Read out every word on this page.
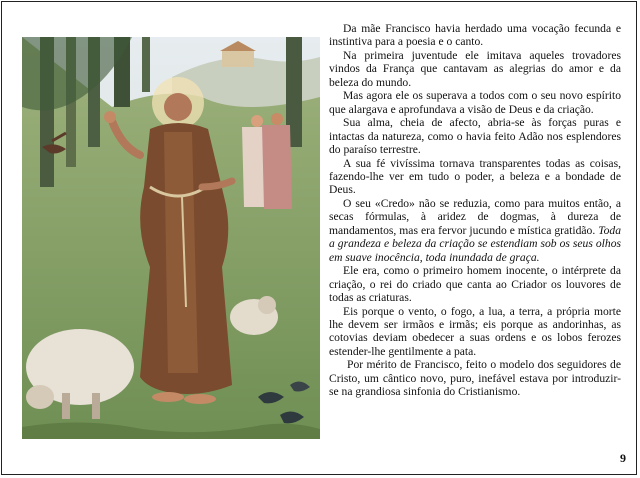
Da mãe Francisco havia herdado uma vocação fecunda e instintiva para a poesia e o canto.

Na primeira juventude ele imitava aqueles trovadores vindos da França que cantavam as alegrias do amor e da beleza do mundo.

Mas agora ele os superava a todos com o seu novo espírito que alargava e aprofundava a visão de Deus e da criação.

Sua alma, cheia de afecto, abria-se às forças puras e intactas da natureza, como o havia feito Adão nos esplendores do paraíso terrestre.

A sua fé vivíssima tornava transparentes todas as coisas, fazendo-lhe ver em tudo o poder, a beleza e a bondade de Deus.

O seu «Credo» não se reduzia, como para muitos então, a secas fórmulas, à aridez de dogmas, à dureza de mandamentos, mas era fervor jucundo e mística gratidão. Toda a grandeza e beleza da criação se estendiam sob os seus olhos em suave inocência, toda inundada de graça.

Ele era, como o primeiro homem inocente, o intérprete da criação, o rei do criado que canta ao Criador os louvores de todas as criaturas.

Eis porque o vento, o fogo, a lua, a terra, a própria morte lhe devem ser irmãos e irmãs; eis porque as andorinhas, as cotovias deviam obedecer a suas ordens e os lobos ferozes estender-lhe gentilmente a pata.

Por mérito de Francisco, feito o modelo dos seguidores de Cristo, um cântico novo, puro, inefável estava por introduzir-se na grandiosa sinfonia do Cristianismo.

9
